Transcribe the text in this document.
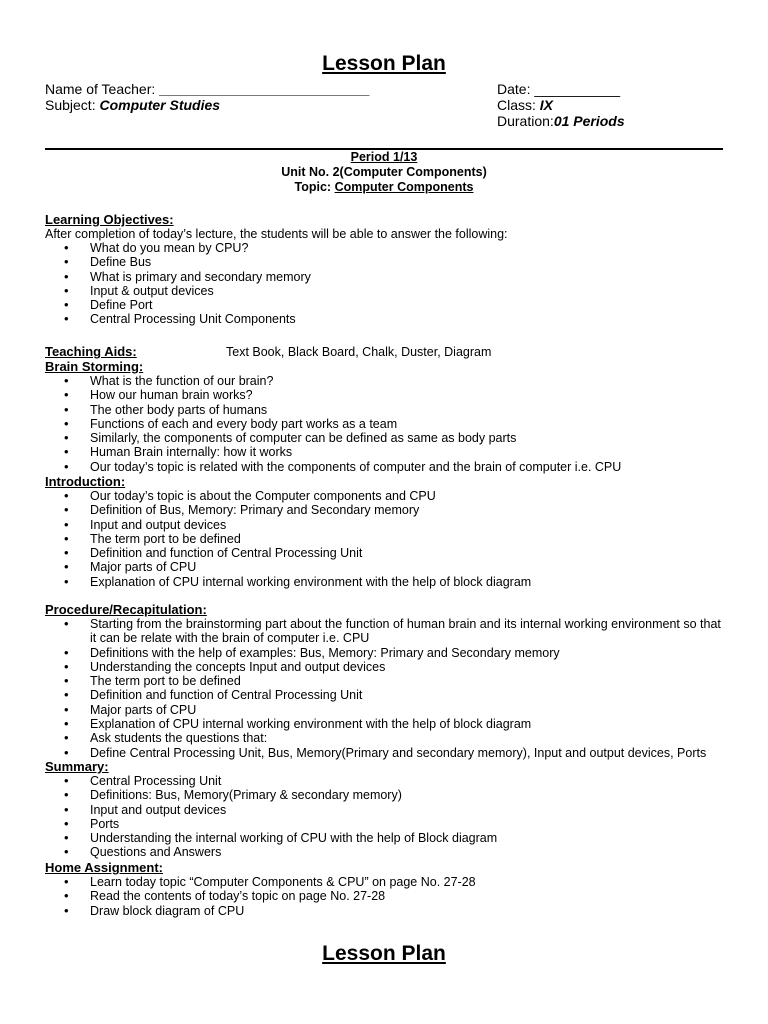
Lesson Plan
Name of Teacher: ___________________________
Subject: Computer Studies
Date: ___________
Class: IX
Duration:01 Periods
Period 1/13
Unit No. 2(Computer Components)
Topic: Computer Components
Learning Objectives:
After completion of today’s lecture, the students will be able to answer the following:
• What do you mean by CPU?
• Define Bus
• What is primary and secondary memory
• Input & output devices
• Define Port
• Central Processing Unit Components
Teaching Aids:	Text Book, Black Board, Chalk, Duster, Diagram
Brain Storming:
• What is the function of our brain?
• How our human brain works?
• The other body parts of humans
• Functions of each and every body part works as a team
• Similarly, the components of computer can be defined as same as body parts
• Human Brain internally: how it works
• Our today’s topic is related with the components of computer and the brain of computer i.e. CPU
Introduction:
• Our today’s topic is about the Computer components and CPU
• Definition of Bus, Memory: Primary and Secondary memory
• Input and output devices
• The term port to be defined
• Definition and function of Central Processing Unit
• Major parts of CPU
• Explanation of CPU internal working environment with the help of block diagram
Procedure/Recapitulation:
• Starting from the brainstorming part about the function of human brain and its internal working environment so that it can be relate with the brain of computer i.e. CPU
• Definitions with the help of examples: Bus, Memory: Primary and Secondary memory
• Understanding the concepts Input and output devices
• The term port to be defined
• Definition and function of Central Processing Unit
• Major parts of CPU
• Explanation of CPU internal working environment with the help of block diagram
• Ask students the questions that:
• Define Central Processing Unit, Bus, Memory(Primary and secondary memory), Input and output devices, Ports
Summary:
• Central Processing Unit
• Definitions: Bus, Memory(Primary & secondary memory)
• Input and output devices
• Ports
• Understanding the internal working of CPU with the help of Block diagram
• Questions and Answers
Home Assignment:
• Learn today topic “Computer Components & CPU” on page No. 27-28
• Read the contents of today’s topic on page No. 27-28
• Draw block diagram of CPU
Lesson Plan
